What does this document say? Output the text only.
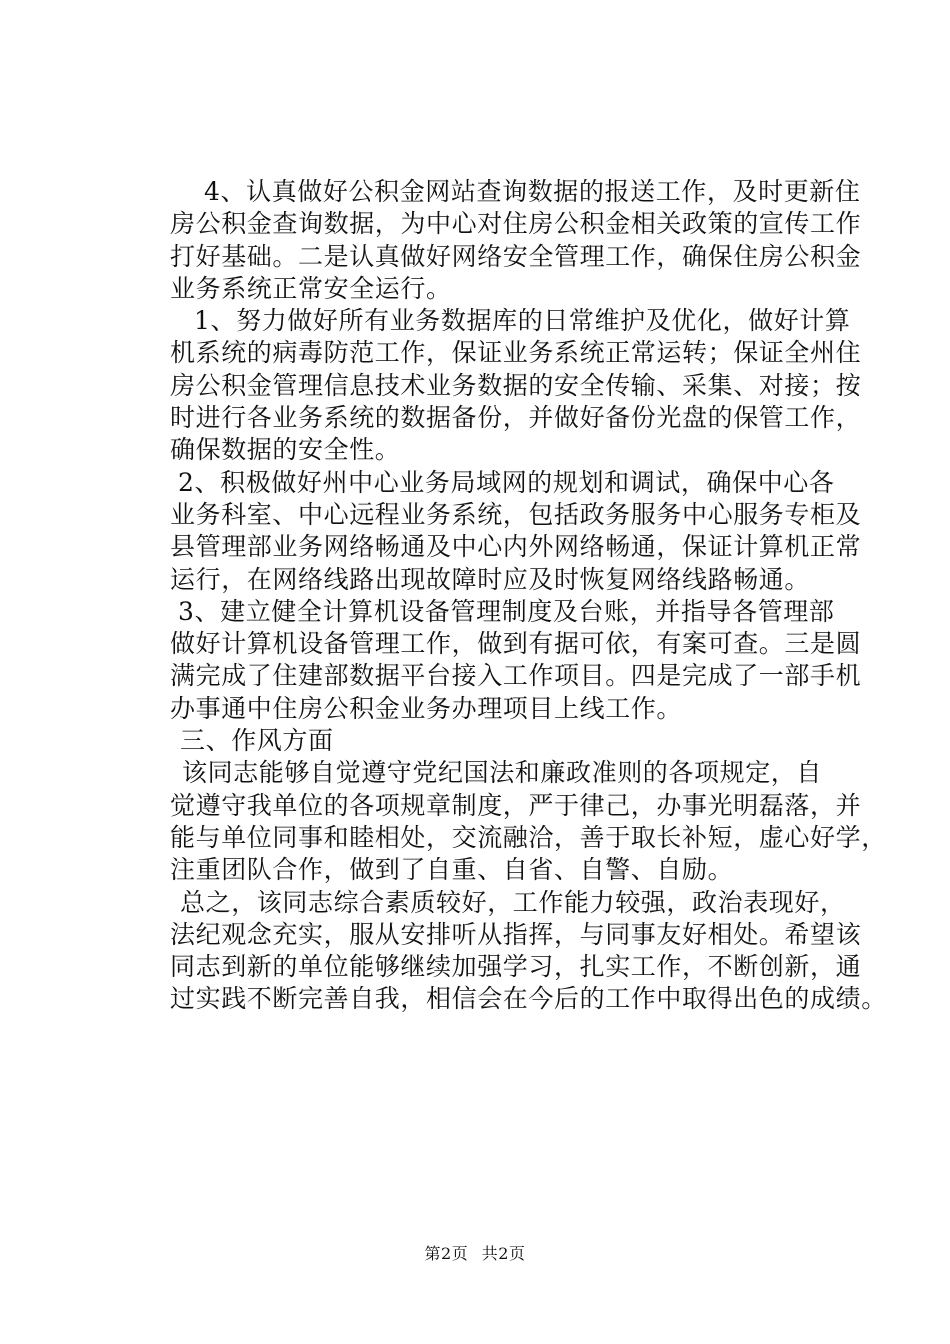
4、认真做好公积金网站查询数据的报送工作，及时更新住
房公积金查询数据，为中心对住房公积金相关政策的宣传工作
打好基础。二是认真做好网络安全管理工作，确保住房公积金
业务系统正常安全运行。
1、努力做好所有业务数据库的日常维护及优化，做好计算
机系统的病毒防范工作，保证业务系统正常运转；保证全州住
房公积金管理信息技术业务数据的安全传输、采集、对接；按
时进行各业务系统的数据备份，并做好备份光盘的保管工作，
确保数据的安全性。
2、积极做好州中心业务局域网的规划和调试，确保中心各
业务科室、中心远程业务系统，包括政务服务中心服务专柜及
县管理部业务网络畅通及中心内外网络畅通，保证计算机正常
运行，在网络线路出现故障时应及时恢复网络线路畅通。
3、建立健全计算机设备管理制度及台账，并指导各管理部
做好计算机设备管理工作，做到有据可依，有案可查。三是圆
满完成了住建部数据平台接入工作项目。四是完成了一部手机
办事通中住房公积金业务办理项目上线工作。
三、作风方面
该同志能够自觉遵守党纪国法和廉政准则的各项规定，自
觉遵守我单位的各项规章制度，严于律己，办事光明磊落，并
能与单位同事和睦相处，交流融洽，善于取长补短，虚心好学，
注重团队合作，做到了自重、自省、自警、自励。
总之，该同志综合素质较好，工作能力较强，政治表现好，
法纪观念充实，服从安排听从指挥，与同事友好相处。希望该
同志到新的单位能够继续加强学习，扎实工作，不断创新，通
过实践不断完善自我，相信会在今后的工作中取得出色的成绩。
第2页 共2页
